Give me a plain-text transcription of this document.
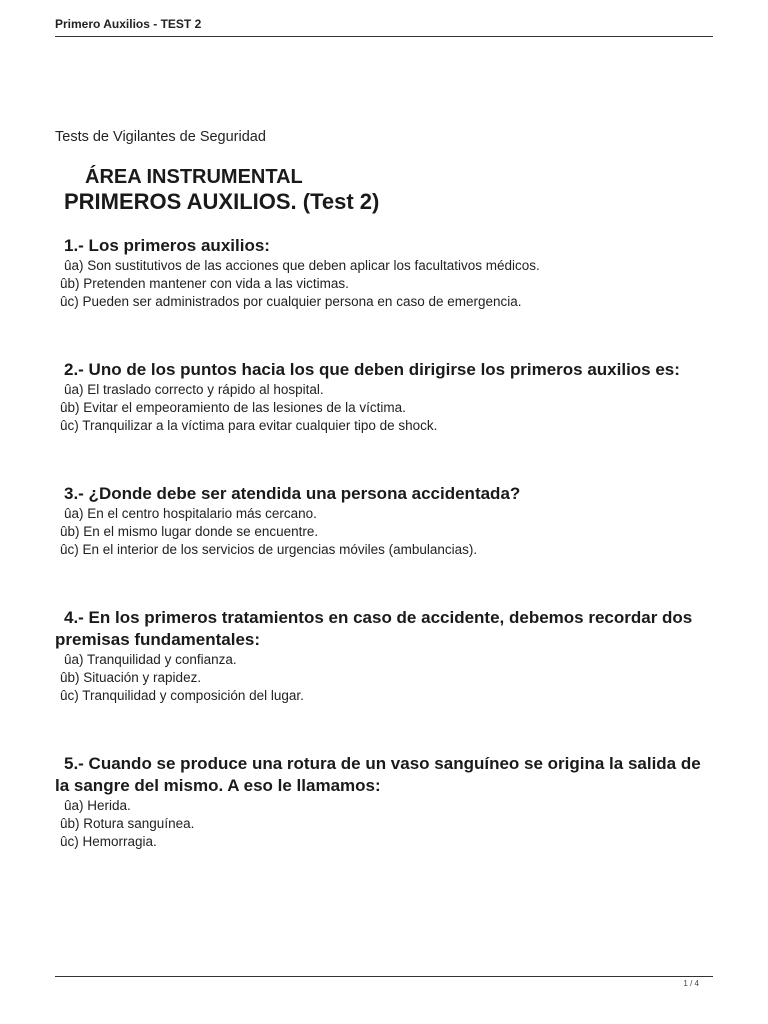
Primero Auxilios - TEST 2
Tests de Vigilantes de Seguridad
ÁREA INSTRUMENTAL
PRIMEROS AUXILIOS. (Test 2)
1.- Los primeros auxilios:
ûa) Son sustitutivos de las acciones que deben aplicar los facultativos médicos.
ûb) Pretenden mantener con vida a las victimas.
ûc) Pueden ser administrados por cualquier persona en caso de emergencia.
2.- Uno de los puntos hacia los que deben dirigirse los primeros auxilios es:
ûa) El traslado correcto y rápido al hospital.
ûb) Evitar el empeoramiento de las lesiones de la víctima.
ûc) Tranquilizar a la víctima para evitar cualquier tipo de shock.
3.- ¿Donde debe ser atendida una persona accidentada?
ûa) En el centro hospitalario más cercano.
ûb) En el mismo lugar donde se encuentre.
ûc) En el interior de los servicios de urgencias móviles (ambulancias).
4.- En los primeros tratamientos en caso de accidente, debemos recordar dos premisas fundamentales:
ûa) Tranquilidad y confianza.
ûb) Situación y rapidez.
ûc) Tranquilidad y composición del lugar.
5.- Cuando se produce una rotura de un vaso sanguíneo se origina la salida de la sangre del mismo. A eso le llamamos:
ûa) Herida.
ûb) Rotura sanguínea.
ûc) Hemorragia.
1 / 4
